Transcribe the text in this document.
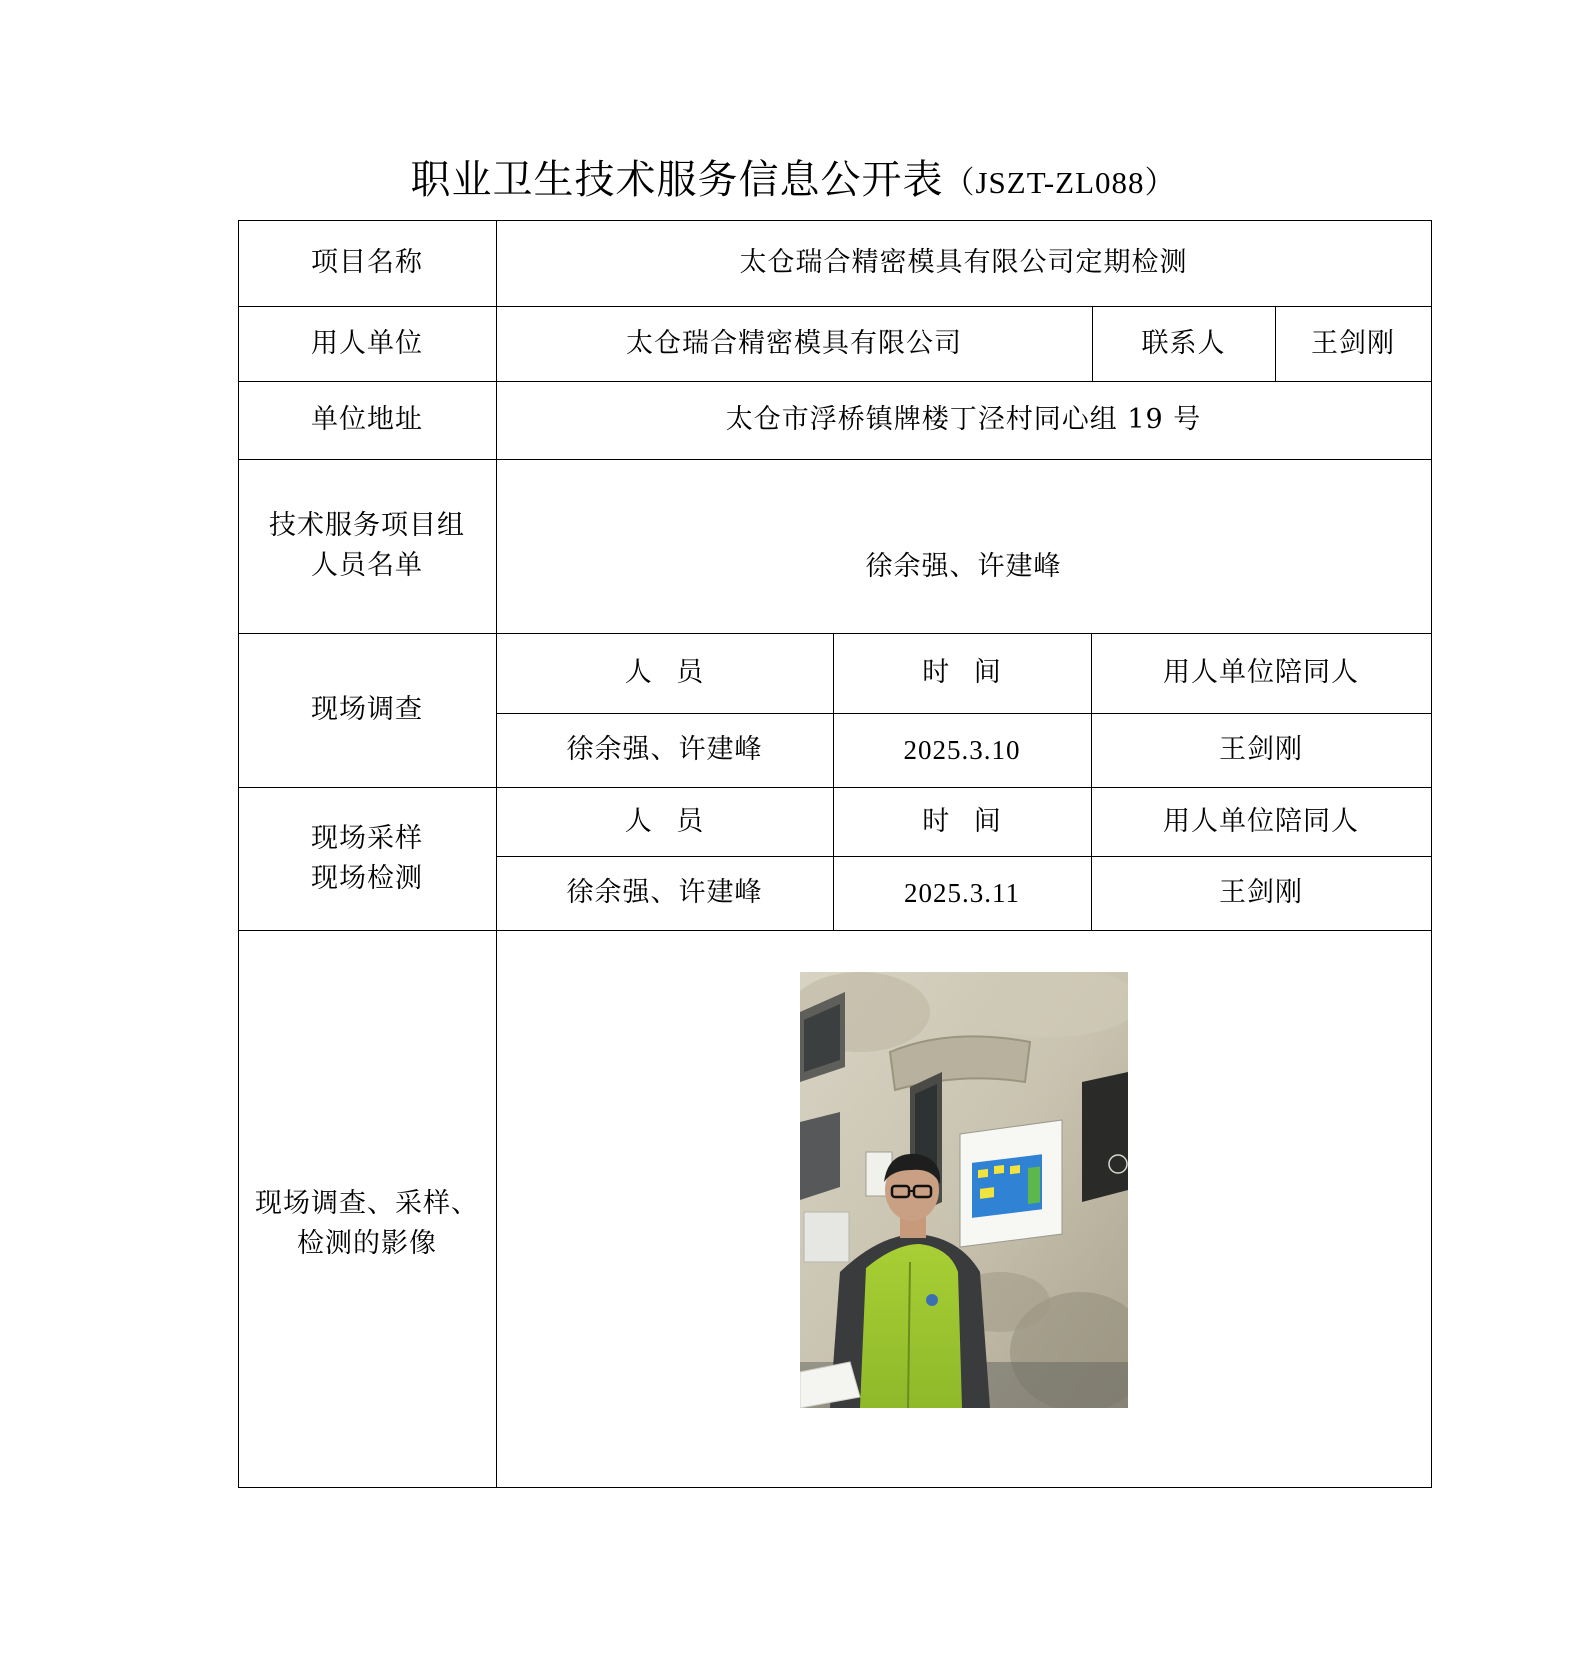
职业卫生技术服务信息公开表（JSZT-ZL088）
项目名称	太仓瑞合精密模具有限公司定期检测
用人单位	太仓瑞合精密模具有限公司	联系人	王剑刚
单位地址	太仓市浮桥镇牌楼丁泾村同心组 19 号
技术服务项目组
人员名单	徐余强、许建峰
现场调查
人 员	时 间	用人单位陪同人
徐余强、许建峰	2025.3.10	王剑刚
现场采样
现场检测
人 员	时 间	用人单位陪同人
徐余强、许建峰	2025.3.11	王剑刚
现场调查、采样、
检测的影像
